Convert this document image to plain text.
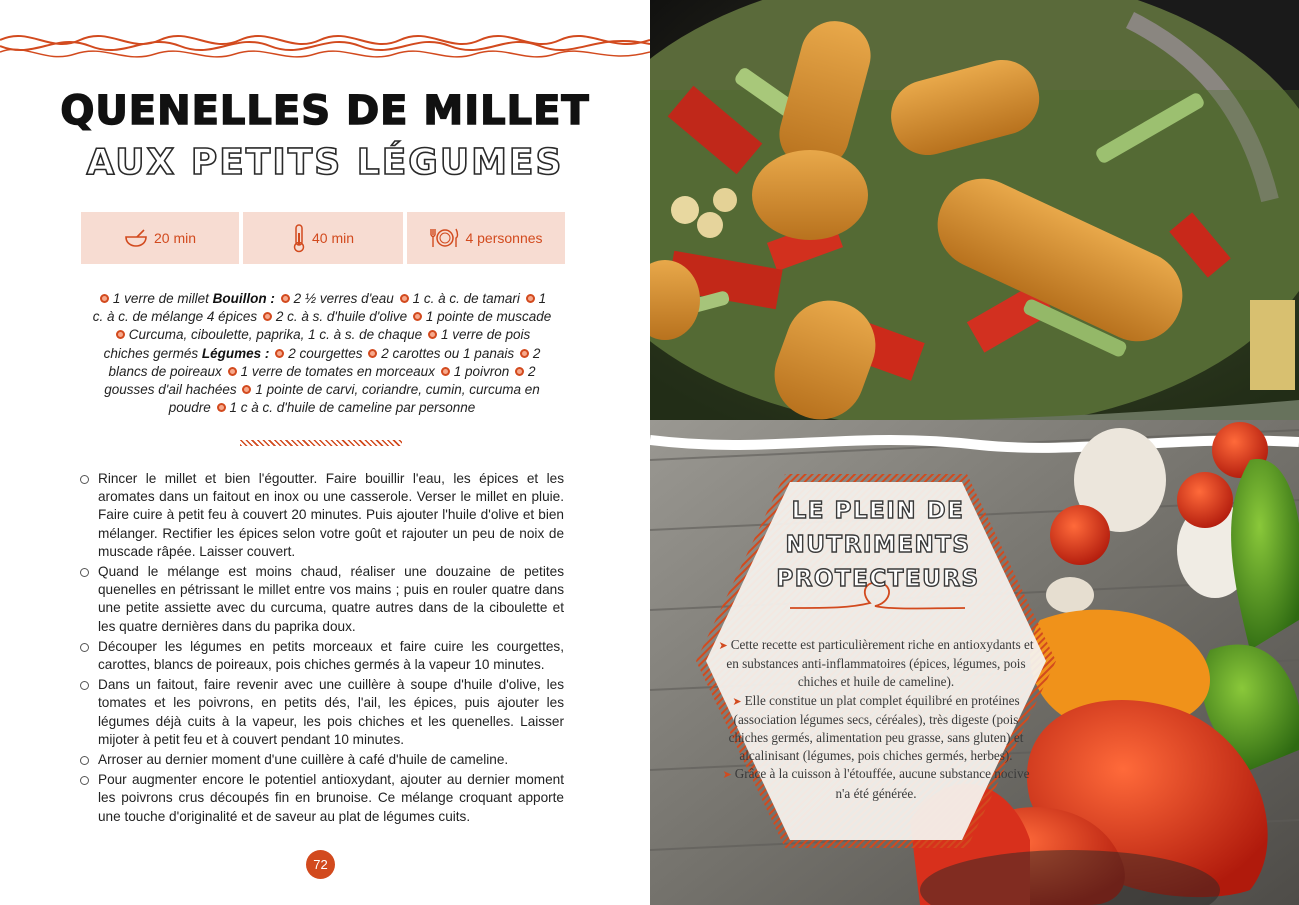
QUENELLES DE MILLET
AUX PETITS LÉGUMES
20 min	40 min	4 personnes
1 verre de millet Bouillon : 2 ½ verres d'eau 1 c. à c. de tamari 1 c. à c. de mélange 4 épices 2 c. à s. d'huile d'olive 1 pointe de muscade Curcuma, ciboulette, paprika, 1 c. à s. de chaque 1 verre de pois chiches germés Légumes : 2 courgettes 2 carottes ou 1 panais 2 blancs de poireaux 1 verre de tomates en morceaux 1 poivron 2 gousses d'ail hachées 1 pointe de carvi, coriandre, cumin, curcuma en poudre 1 c à c. d'huile de cameline par personne
Rincer le millet et bien l'égoutter. Faire bouillir l'eau, les épices et les aromates dans un faitout en inox ou une casserole. Verser le millet en pluie. Faire cuire à petit feu à couvert 20 minutes. Puis ajouter l'huile d'olive et bien mélanger. Rectifier les épices selon votre goût et rajouter un peu de noix de muscade râpée. Laisser couvert.
Quand le mélange est moins chaud, réaliser une douzaine de petites quenelles en pétrissant le millet entre vos mains ; puis en rouler quatre dans une petite assiette avec du curcuma, quatre autres dans de la ciboulette et les quatre dernières dans du paprika doux.
Découper les légumes en petits morceaux et faire cuire les courgettes, carottes, blancs de poireaux, pois chiches germés à la vapeur 10 minutes.
Dans un faitout, faire revenir avec une cuillère à soupe d'huile d'olive, les tomates et les poivrons, en petits dés, l'ail, les épices, puis ajouter les légumes déjà cuits à la vapeur, les pois chiches et les quenelles. Laisser mijoter à petit feu et à couvert pendant 10 minutes.
Arroser au dernier moment d'une cuillère à café d'huile de cameline.
Pour augmenter encore le potentiel antioxydant, ajouter au dernier moment les poivrons crus découpés fin en brunoise. Ce mélange croquant apporte une touche d'originalité et de saveur au plat de légumes cuits.
72
LE PLEIN DE
NUTRIMENTS
PROTECTEURS

➤ Cette recette est particulièrement riche en antioxydants et en substances anti-inflammatoires (épices, légumes, pois chiches et huile de cameline).

➤ Elle constitue un plat complet équilibré en protéines (association légumes secs, céréales), très digeste (pois chiches germés, alimentation peu grasse, sans gluten) et alcalinisant (légumes, pois chiches germés, herbes).

➤ Grâce à la cuisson à l'étouffée, aucune substance nocive n'a été générée.
